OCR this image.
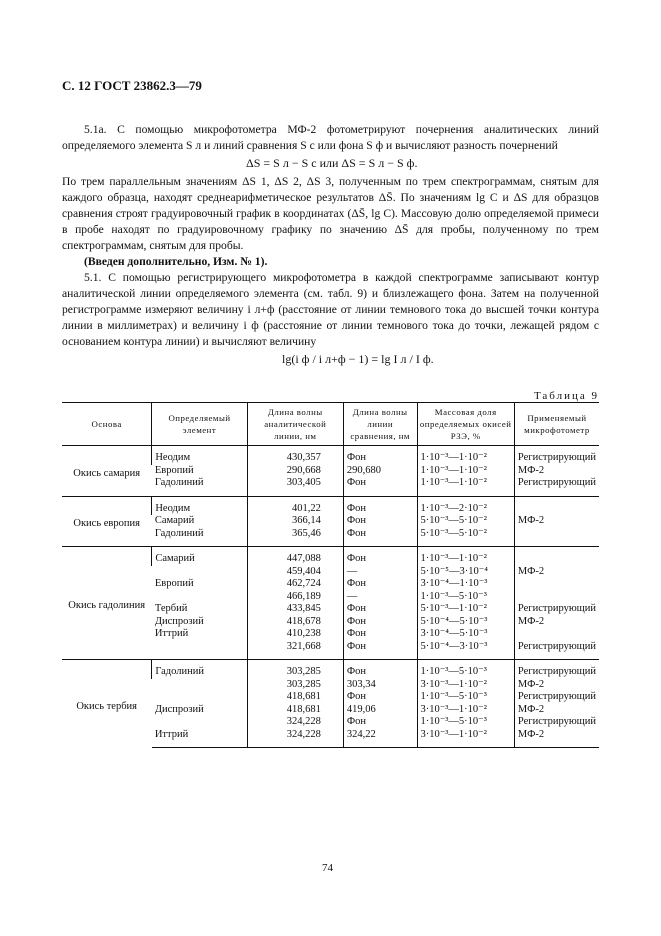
С. 12 ГОСТ 23862.3—79
5.1а. С помощью микрофотометра МФ-2 фотометрируют почернения аналитических линий определяемого элемента S л и линий сравнения S с или фона S ф и вычисляют разность почернений
ΔS = S л − S с или ΔS = S л − S ф.
По трем параллельным значениям ΔS 1, ΔS 2, ΔS 3, полученным по трем спектрограммам, снятым для каждого образца, находят среднеарифметическое результатов ΔS̄. По значениям lg C и ΔS для образцов сравнения строят градуировочный график в координатах (ΔS̄, lg C). Массовую долю определяемой примеси в пробе находят по градуировочному графику по значению ΔS̄ для пробы, полученному по трем спектрограммам, снятым для пробы.
(Введен дополнительно, Изм. № 1).
5.1. С помощью регистрирующего микрофотометра в каждой спектрограмме записывают контур аналитической линии определяемого элемента (см. табл. 9) и близлежащего фона. Затем на полученной регистрограмме измеряют величину i л+ф (расстояние от линии темнового тока до высшей точки контура линии в миллиметрах) и величину i ф (расстояние от линии темнового тока до точки, лежащей рядом с основанием контура линии) и вычисляют величину
lg(i ф / i л+ф − 1) = lg I л / I ф.
Таблица 9
Основа	Определяемый элемент	Длина волны аналитической линии, нм	Длина волны линии сравнения, нм	Массовая доля определяемых окисей РЗЭ, %	Применяемый микрофотометр
Окись самария	Неодим	430,357	Фон	1·10⁻³—1·10⁻²	Регистрирующий
	Европий	290,668	290,680	1·10⁻³—1·10⁻²	МФ-2
	Гадолиний	303,405	Фон	1·10⁻³—1·10⁻²	Регистрирующий
Окись европия	Неодим	401,22	Фон	1·10⁻³—2·10⁻²	
	Самарий	366,14	Фон	5·10⁻³—5·10⁻²	МФ-2
	Гадолиний	365,46	Фон	5·10⁻³—5·10⁻²	
Окись гадолиния	Самарий	447,088	Фон	1·10⁻³—1·10⁻²	
		459,404	—	5·10⁻⁵—3·10⁻⁴	МФ-2
	Европий	462,724	Фон	3·10⁻⁴—1·10⁻³	
		466,189	—	1·10⁻³—5·10⁻³	
	Тербий	433,845	Фон	5·10⁻³—1·10⁻²	Регистрирующий
	Диспрозий	418,678	Фон	5·10⁻⁴—5·10⁻³	МФ-2
	Иттрий	410,238	Фон	3·10⁻⁴—5·10⁻³	
		321,668	Фон	5·10⁻⁴—3·10⁻³	Регистрирующий
Окись тербия	Гадолиний	303,285	Фон	1·10⁻³—5·10⁻³	Регистрирующий
		303,285	303,34	3·10⁻³—1·10⁻²	МФ-2
		418,681	Фон	1·10⁻³—5·10⁻³	Регистрирующий
	Диспрозий	418,681	419,06	3·10⁻³—1·10⁻²	МФ-2
		324,228	Фон	1·10⁻³—5·10⁻³	Регистрирующий
	Иттрий	324,228	324,22	3·10⁻³—1·10⁻²	МФ-2
74
